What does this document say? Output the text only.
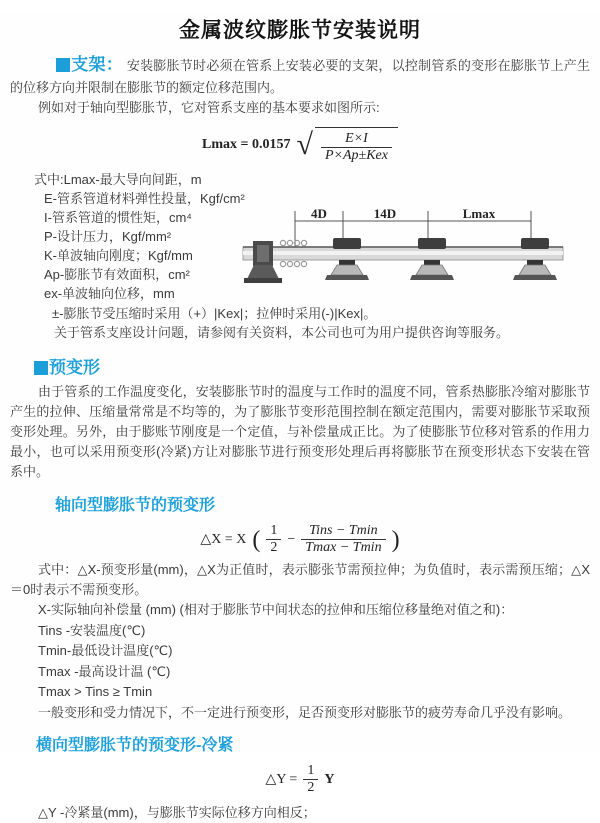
金属波纹膨胀节安装说明

支架： 安装膨胀节时必须在管系上安装必要的支架，以控制管系的变形在膨胀节上产生的位移方向并限制在膨胀节的额定位移范围内。

例如对于轴向型膨胀节，它对管系支座的基本要求如图所示:

Lmax = 0.0157 √ $\frac{E\times I}{\text{P×Ap±Kex}}$
式中:Lmax-最大导向间距，m
E-管系管道材料弹性投量，Kgf/cm²
I-管系管道的惯性矩，cm⁴
P-设计压力，Kgf/mm²
K-单波轴向刚度；Kgf/mm
Ap-膨胀节有效面积，cm²
ex-单波轴向位移，mm

±-膨胀节受压缩时采用（+）|Kex|；拉伸时采用(-)|Kex|。

关于管系支座设计问题，请参阅有关资料，本公司也可为用户提供咨询等服务。

4D	14D	Lmax

预变形

由于管系的工作温度变化，安装膨胀节时的温度与工作时的温度不同，管系热膨胀冷缩对膨胀节产生的拉伸、压缩量常常是不均等的，为了膨胀节变形范围控制在额定范围内，需要对膨胀节采取预变形处理。另外，由于膨账节刚度是一个定值，与补偿量成正比。为了使膨胀节位移对管系的作用力最小，也可以采用预变形(冷紧)方让对膨胀节进行预变形处理后再将膨胀节在预变形状态下安装在管系中。

轴向型膨胀节的预变形

△X = X ( $\frac{1}{2} - \frac{\text{Tins − Tmin}}{Tmax - Tmin}$ )

式中：△X-预变形量(mm)，△X为正值时，表示膨张节需预拉伸；为负值时，表示需预压缩；△X＝0时表示不需预变形。

X-实际轴向补偿量 (mm) (相对于膨胀节中间状态的拉伸和压缩位移量绝对值之和)：
Tins -安装温度(℃)
Tmin-最低设计温度(℃)
Tmax -最高设计温 (℃)
Tmax > Tins ≥ Tmin
一般变形和受力情况下，不一定进行预变形，足否预变形对膨胀节的疲劳寿命几乎没有影响。

横向型膨胀节的预变形-冷紧

△Y = $\frac{1}{2}$ Y

△Y -冷紧量(mm)，与膨胀节实际位移方向相反；
